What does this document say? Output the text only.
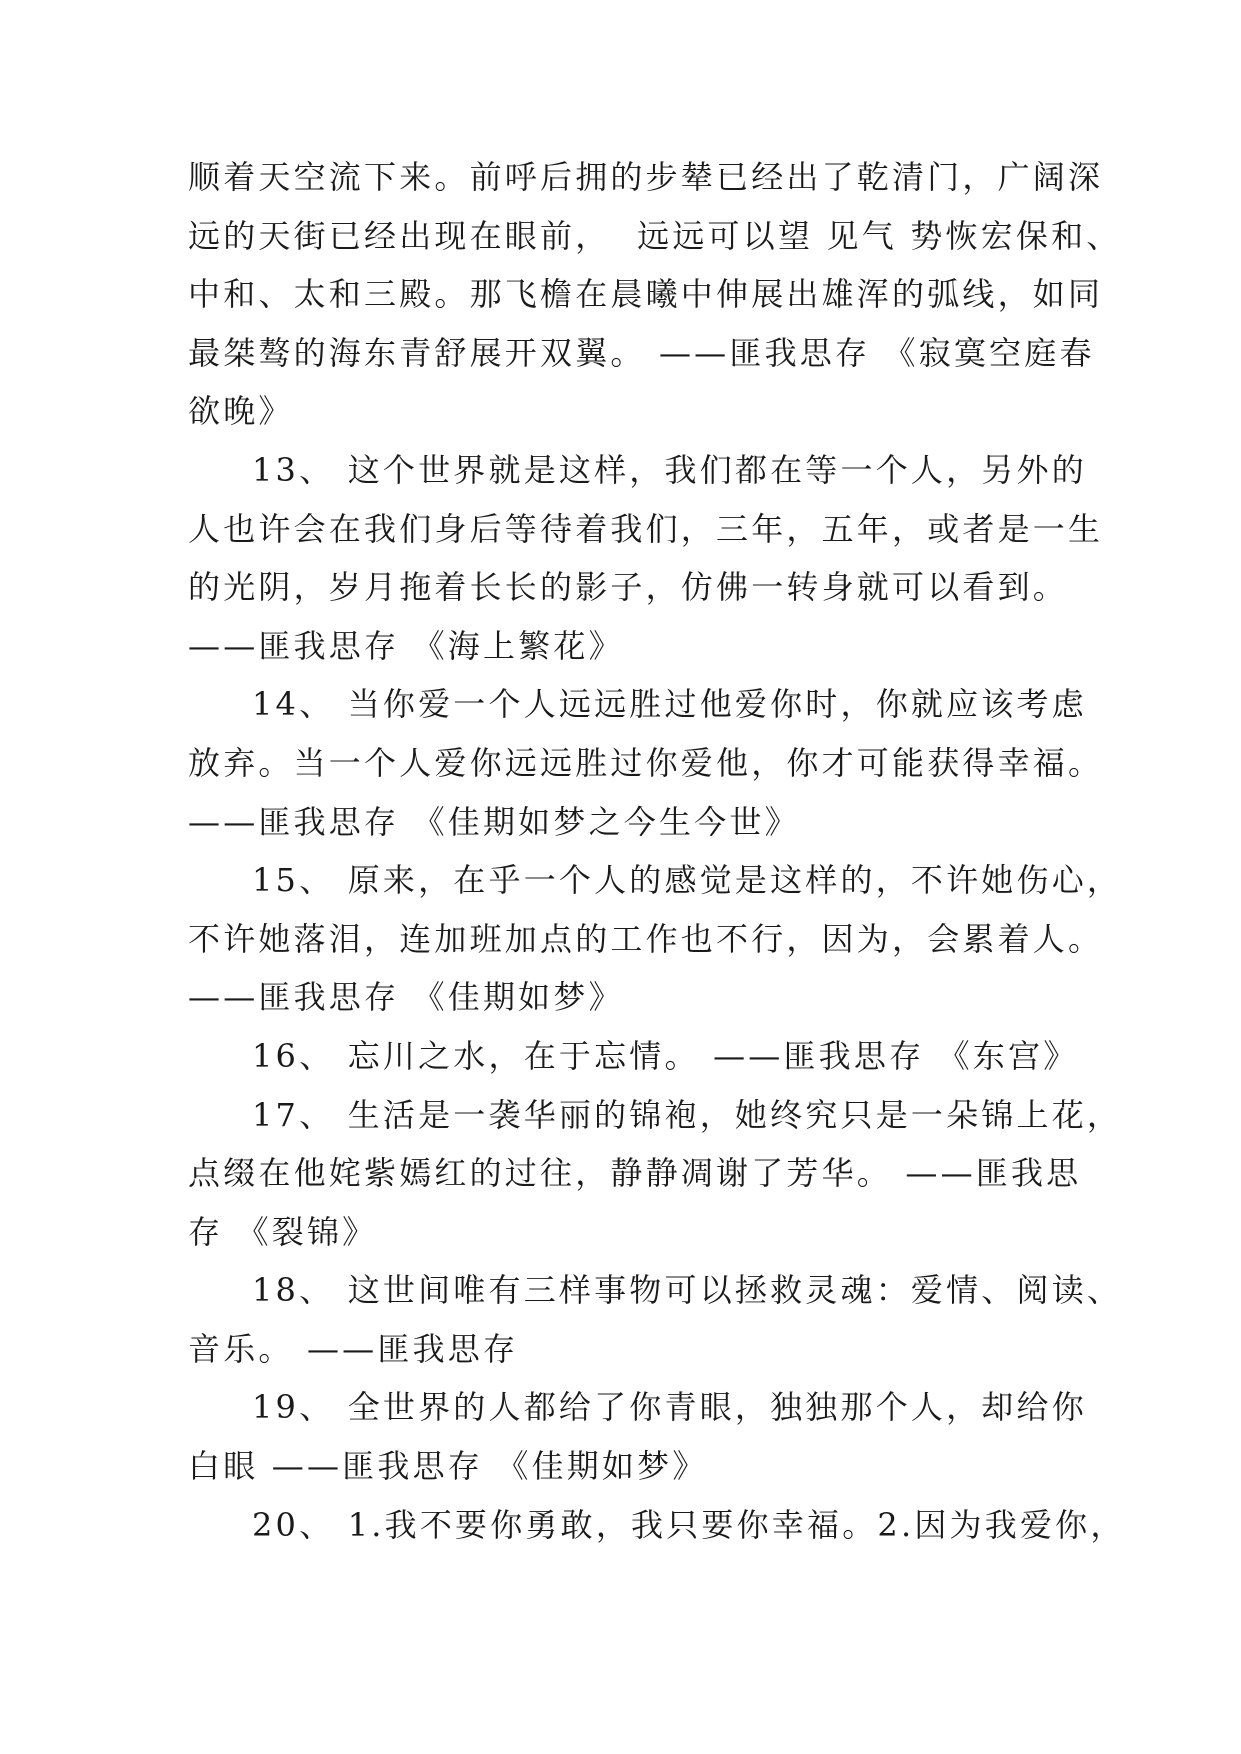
顺着天空流下来。前呼后拥的步辇已经出了乾清门，广阔深
远的天街已经出现在眼前，  远远可以望 见气 势恢宏保和、
中和、太和三殿。那飞檐在晨曦中伸展出雄浑的弧线，如同
最桀骜的海东青舒展开双翼。 ——匪我思存 《寂寞空庭春
欲晚》
13、 这个世界就是这样，我们都在等一个人，另外的
人也许会在我们身后等待着我们，三年，五年，或者是一生
的光阴，岁月拖着长长的影子，仿佛一转身就可以看到。
——匪我思存 《海上繁花》
14、 当你爱一个人远远胜过他爱你时，你就应该考虑
放弃。当一个人爱你远远胜过你爱他，你才可能获得幸福。
——匪我思存 《佳期如梦之今生今世》
15、 原来，在乎一个人的感觉是这样的，不许她伤心，
不许她落泪，连加班加点的工作也不行，因为，会累着人。
——匪我思存 《佳期如梦》
16、 忘川之水，在于忘情。 ——匪我思存 《东宫》
17、 生活是一袭华丽的锦袍，她终究只是一朵锦上花，
点缀在他姹紫嫣红的过往，静静凋谢了芳华。 ——匪我思
存 《裂锦》
18、 这世间唯有三样事物可以拯救灵魂：爱情、阅读、
音乐。 ——匪我思存
19、 全世界的人都给了你青眼，独独那个人，却给你
白眼 ——匪我思存 《佳期如梦》
20、 1.我不要你勇敢，我只要你幸福。2.因为我爱你，
